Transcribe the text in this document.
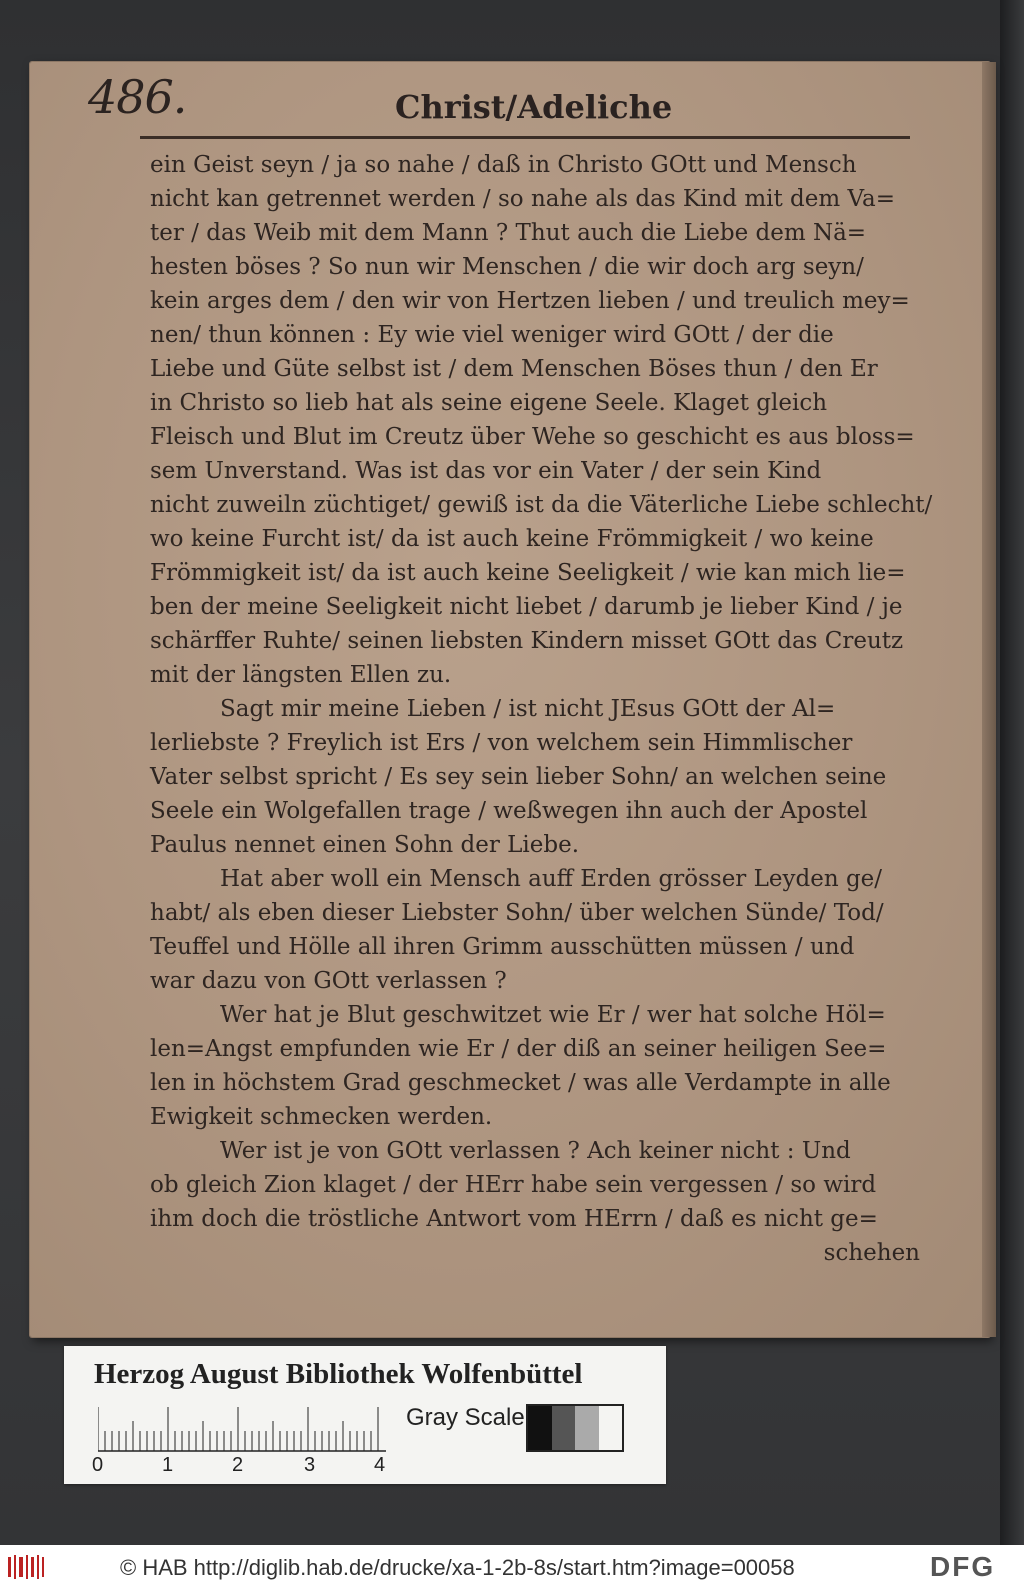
486.	Christ/Adeliche
ein Geist seyn / ja so nahe / daß in Christo GOtt und Mensch
nicht kan getrennet werden / so nahe als das Kind mit dem Va=
ter / das Weib mit dem Mann ? Thut auch die Liebe dem Nä=
hesten böses ? So nun wir Menschen / die wir doch arg seyn/
kein arges dem / den wir von Hertzen lieben / und treulich mey=
nen/ thun können : Ey wie viel weniger wird GOtt / der die
Liebe und Güte selbst ist / dem Menschen Böses thun / den Er
in Christo so lieb hat als seine eigene Seele. Klaget gleich
Fleisch und Blut im Creutz über Wehe so geschicht es aus bloss=
sem Unverstand. Was ist das vor ein Vater / der sein Kind
nicht zuweiln züchtiget/ gewiß ist da die Väterliche Liebe schlecht/
wo keine Furcht ist/ da ist auch keine Frömmigkeit / wo keine
Frömmigkeit ist/ da ist auch keine Seeligkeit / wie kan mich lie=
ben der meine Seeligkeit nicht liebet / darumb je lieber Kind / je
schärffer Ruhte/ seinen liebsten Kindern misset GOtt das Creutz
mit der längsten Ellen zu.
Sagt mir meine Lieben / ist nicht JEsus GOtt der Al=
lerliebste ? Freylich ist Ers / von welchem sein Himmlischer
Vater selbst spricht / Es sey sein lieber Sohn/ an welchen seine
Seele ein Wolgefallen trage / weßwegen ihn auch der Apostel
Paulus nennet einen Sohn der Liebe.
Hat aber woll ein Mensch auff Erden grösser Leyden ge/
habt/ als eben dieser Liebster Sohn/ über welchen Sünde/ Tod/
Teuffel und Hölle all ihren Grimm ausschütten müssen / und
war dazu von GOtt verlassen ?
Wer hat je Blut geschwitzet wie Er / wer hat solche Höl=
len=Angst empfunden wie Er / der diß an seiner heiligen See=
len in höchstem Grad geschmecket / was alle Verdampte in alle
Ewigkeit schmecken werden.
Wer ist je von GOtt verlassen ? Ach keiner nicht : Und
ob gleich Zion klaget / der HErr habe sein vergessen / so wird
ihm doch die tröstliche Antwort vom HErrn / daß es nicht ge=
schehen
Herzog August Bibliothek Wolfenbüttel
0	1	2	3	4
Gray Scale
© HAB http://diglib.hab.de/drucke/xa-1-2b-8s/start.htm?image=00058	DFG
